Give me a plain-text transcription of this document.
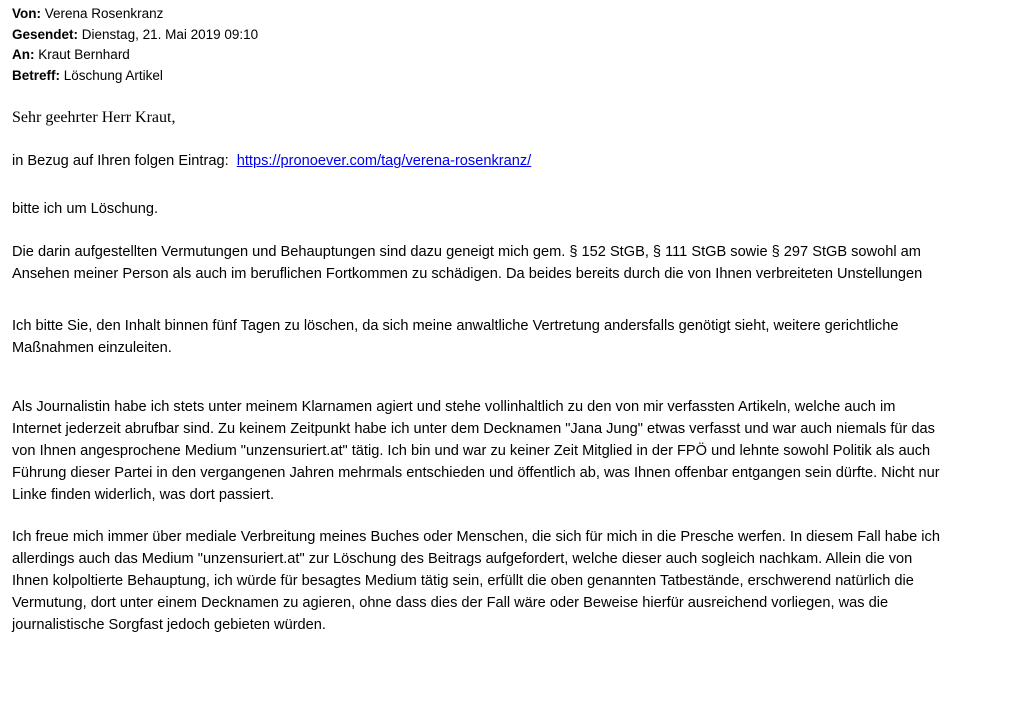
Von: Verena Rosenkranz
Gesendet: Dienstag, 21. Mai 2019 09:10
An: Kraut Bernhard
Betreff: Löschung Artikel
Sehr geehrter Herr Kraut,
in Bezug auf Ihren folgen Eintrag: https://pronoever.com/tag/verena-rosenkranz/
bitte ich um Löschung.
Die darin aufgestellten Vermutungen und Behauptungen sind dazu geneigt mich gem. § 152 StGB, § 111 StGB sowie § 297 StGB sowohl am
Ansehen meiner Person als auch im beruflichen Fortkommen zu schädigen. Da beides bereits durch die von Ihnen verbreiteten Unstellungen
Ich bitte Sie, den Inhalt binnen fünf Tagen zu löschen, da sich meine anwaltliche Vertretung andersfalls genötigt sieht, weitere gerichtliche
Maßnahmen einzuleiten.
Als Journalistin habe ich stets unter meinem Klarnamen agiert und stehe vollinhaltlich zu den von mir verfassten Artikeln, welche auch im
Internet jederzeit abrufbar sind. Zu keinem Zeitpunkt habe ich unter dem Decknamen "Jana Jung" etwas verfasst und war auch niemals für das
von Ihnen angesprochene Medium "unzensuriert.at" tätig. Ich bin und war zu keiner Zeit Mitglied in der FPÖ und lehnte sowohl Politik als auch
Führung dieser Partei in den vergangenen Jahren mehrmals entschieden und öffentlich ab, was Ihnen offenbar entgangen sein dürfte. Nicht nur
Linke finden widerlich, was dort passiert.
Ich freue mich immer über mediale Verbreitung meines Buches oder Menschen, die sich für mich in die Presche werfen. In diesem Fall habe ich
allerdings auch das Medium "unzensuriert.at" zur Löschung des Beitrags aufgefordert, welche dieser auch sogleich nachkam. Allein die von
Ihnen kolpoltierte Behauptung, ich würde für besagtes Medium tätig sein, erfüllt die oben genannten Tatbestände, erschwerend natürlich die
Vermutung, dort unter einem Decknamen zu agieren, ohne dass dies der Fall wäre oder Beweise hierfür ausreichend vorliegen, was die
journalistische Sorgfast jedoch gebieten würden.
